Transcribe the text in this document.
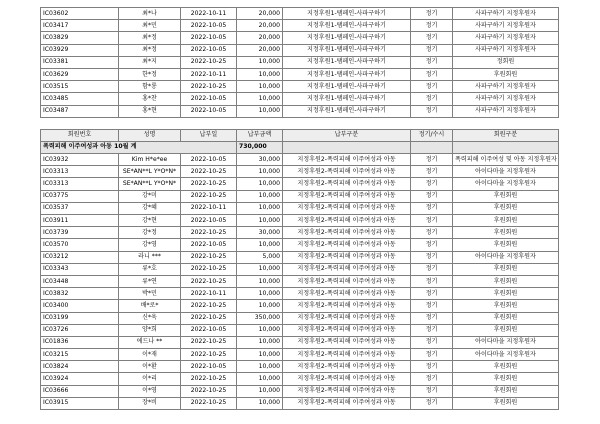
IC03602	최*나	2022-10-11	20,000	지정후원1-탬페인-사파구하기	정기	사파구하기 지정후원자
IC03417	최*민	2022-10-05	20,000	지정후원1-탬페인-사파구하기	정기	사파구하기 지정후원자
IC03829	최*정	2022-10-05	20,000	지정후원1-탬페인-사파구하기	정기	사파구하기 지정후원자
IC03929	최*정	2022-10-05	20,000	지정후원1-탬페인-사파구하기	정기	사파구하기 지정후원자
IC03381	최*지	2022-10-25	10,000	지정후원1-탬페인-사파구하기	정기	정회원
IC03629	한*정	2022-10-11	10,000	지정후원1-탬페인-사파구하기	정기	후원회원
IC03515	함*룡	2022-10-25	10,000	지정후원1-탬페인-사파구하기	정기	사파구하기 지정후원자
IC03485	홍*찬	2022-10-05	10,000	지정후원1-탬페인-사파구하기	정기	사파구하기 지정후원자
IC03487	홍*현	2022-10-05	10,000	지정후원1-탬페인-사파구하기	정기	사파구하기 지정후원자
회원번호	성명	납부일	납부금액	납부구분	정기/수시	회원구분
폭력피해 이주여성과 아동 10월 계			730,000			
IC03932	Kim H*e*ee	2022-10-05	30,000	지정후원2-폭력피해 이주여성과 아동	정기	폭력피해 이주여성 및 아동 지정후원자
IC03313	SE*AN**L Y*O*N*	2022-10-25	10,000	지정후원2-폭력피해 이주여성과 아동	정기	아이다마을 지정후원자
IC03313	SE*AN**L Y*O*N*	2022-10-25	10,000	지정후원2-폭력피해 이주여성과 아동	정기	아이다마을 지정후원자
IC03775	강*미	2022-10-25	10,000	지정후원2-폭력피해 이주여성과 아동	정기	후원회원
IC03537	강*혜	2022-10-11	10,000	지정후원2-폭력피해 이주여성과 아동	정기	후원회원
IC03911	강*현	2022-10-05	10,000	지정후원2-폭력피해 이주여성과 아동	정기	후원회원
IC03739	강*정	2022-10-25	30,000	지정후원2-폭력피해 이주여성과 아동	정기	후원회원
IC03570	강*영	2022-10-05	10,000	지정후원2-폭력피해 이주여성과 아동	정기	후원회원
IC03212	라니 ***	2022-10-25	5,000	지정후원2-폭력피해 이주여성과 아동	정기	아이다마을 지정후원자
IC03343	류*호	2022-10-25	10,000	지정후원2-폭력피해 이주여성과 아동	정기	후원회원
IC03448	류*연	2022-10-25	10,000	지정후원2-폭력피해 이주여성과 아동	정기	후원회원
IC03832	박*민	2022-10-11	10,000	지정후원2-폭력피해 이주여성과 아동	정기	후원회원
IC03400	배*로*	2022-10-25	10,000	지정후원2-폭력피해 이주여성과 아동	정기	후원회원
IC03199	신*욱	2022-10-25	350,000	지정후원2-폭력피해 이주여성과 아동	정기	후원회원
IC03726	양*희	2022-10-05	10,000	지정후원2-폭력피해 이주여성과 아동	정기	후원회원
IC01836	에드나 **	2022-10-25	10,000	지정후원2-폭력피해 이주여성과 아동	정기	아이다마을 지정후원자
IC03215	이*재	2022-10-25	10,000	지정후원2-폭력피해 이주여성과 아동	정기	아이다마을 지정후원자
IC03824	이*환	2022-10-05	10,000	지정후원2-폭력피해 이주여성과 아동	정기	후원회원
IC03924	이*리	2022-10-25	10,000	지정후원2-폭력피해 이주여성과 아동	정기	후원회원
IC03666	이*영	2022-10-25	10,000	지정후원2-폭력피해 이주여성과 아동	정기	후원회원
IC03915	장*비	2022-10-25	10,000	지정후원2-폭력피해 이주여성과 아동	정기	후원회원
